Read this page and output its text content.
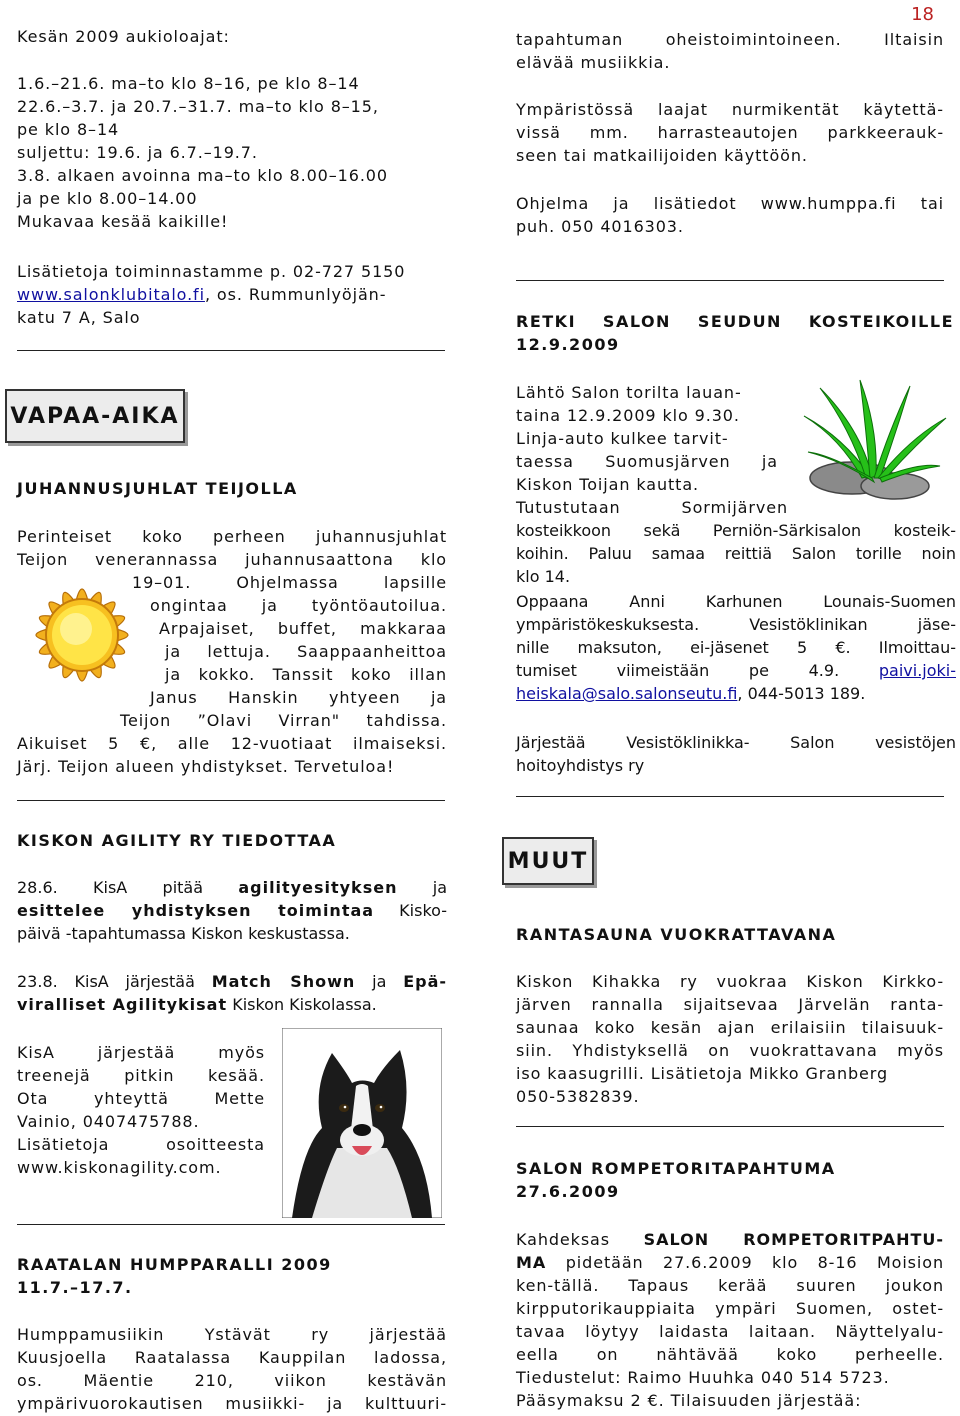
18
Kesän 2009 aukioloajat:
1.6.–21.6. ma–to klo 8–16, pe klo 8–14
22.6.–3.7. ja 20.7.–31.7. ma–to klo 8–15,
pe klo 8–14
suljettu: 19.6. ja 6.7.–19.7.
3.8. alkaen avoinna ma–to klo 8.00–16.00
ja pe klo 8.00–14.00
Mukavaa kesää kaikille!
Lisätietoja toiminnastamme p. 02-727 5150
www.salonklubitalo.fi, os. Rummunlyöjän-
katu 7 A, Salo
VAPAA-AIKA
JUHANNUSJUHLAT TEIJOLLA
Perinteiset koko perheen juhannusjuhlat
Teijon venerannassa juhannusaattona klo
19–01. Ohjelmassa lapsille
ongintaa ja työntöautoilua.
Arpajaiset, buffet, makkaraa
ja lettuja. Saappaanheittoa
ja kokko. Tanssit koko illan
Janus Hanskin yhtyeen ja
Teijon ”Olavi Virran" tahdissa.
Aikuiset 5 €, alle 12-vuotiaat ilmaiseksi.
Järj. Teijon alueen yhdistykset. Tervetuloa!
KISKON AGILITY RY TIEDOTTAA
28.6. KisA pitää agilityesityksen ja
esittelee yhdistyksen toimintaa Kisko-
päivä -tapahtumassa Kiskon keskustassa.
23.8. KisA järjestää Match Shown ja Epä-
viralliset Agilitykisat Kiskon Kiskolassa.
KisA järjestää myös
treenejä pitkin kesää.
Ota yhteyttä Mette
Vainio, 0407475788.
Lisätietoja osoitteesta
www.kiskonagility.com.
RAATALAN HUMPPARALLI 2009
11.7.–17.7.
Humppamusiikin Ystävät ry järjestää
Kuusjoella Raatalassa Kauppilan ladossa,
os. Mäentie 210, viikon kestävän
ympärivuorokautisen musiikki- ja kulttuuri-
tapahtuman oheistoimintoineen. Iltaisin
elävää musiikkia.
Ympäristössä laajat nurmikentät käytettä-
vissä mm. harrasteautojen parkkeerauk-
seen tai matkailijoiden käyttöön.
Ohjelma ja lisätiedot www.humppa.fi tai
puh. 050 4016303.
RETKI SALON SEUDUN KOSTEIKOILLE
12.9.2009
Lähtö Salon torilta lauan-
taina 12.9.2009 klo 9.30.
Linja-auto kulkee tarvit-
taessa Suomusjärven ja
Kiskon Toijan kautta.
Tutustutaan Sormijärven
kosteikkoon sekä Perniön-Särkisalon kosteik-
koihin. Paluu samaa reittiä Salon torille noin
klo 14.
Oppaana Anni Karhunen Lounais-Suomen
ympäristökeskuksesta. Vesistöklinikan jäse-
nille maksuton, ei-jäsenet 5 €. Ilmoittau-
tumiset viimeistään pe 4.9. paivi.joki-
heiskala@salo.salonseutu.fi, 044-5013 189.
Järjestää Vesistöklinikka- Salon vesistöjen
hoitoyhdistys ry
MUUT
RANTASAUNA VUOKRATTAVANA
Kiskon Kihakka ry vuokraa Kiskon Kirkko-
järven rannalla sijaitsevaa Järvelän ranta-
saunaa koko kesän ajan erilaisiin tilaisuuk-
siin. Yhdistyksellä on vuokrattavana myös
iso kaasugrilli. Lisätietoja Mikko Granberg
050-5382839.
SALON ROMPETORITAPAHTUMA
27.6.2009
Kahdeksas SALON ROMPETORITPAHTU-
MA pidetään 27.6.2009 klo 8-16 Moision
ken-tällä. Tapaus kerää suuren joukon
kirpputorikauppiaita ympäri Suomen, ostet-
tavaa löytyy laidasta laitaan. Näyttelyalu-
eella on nähtävää koko perheelle.
Tiedustelut: Raimo Huuhka 040 514 5723.
Pääsymaksu 2 €. Tilaisuuden järjestää:
